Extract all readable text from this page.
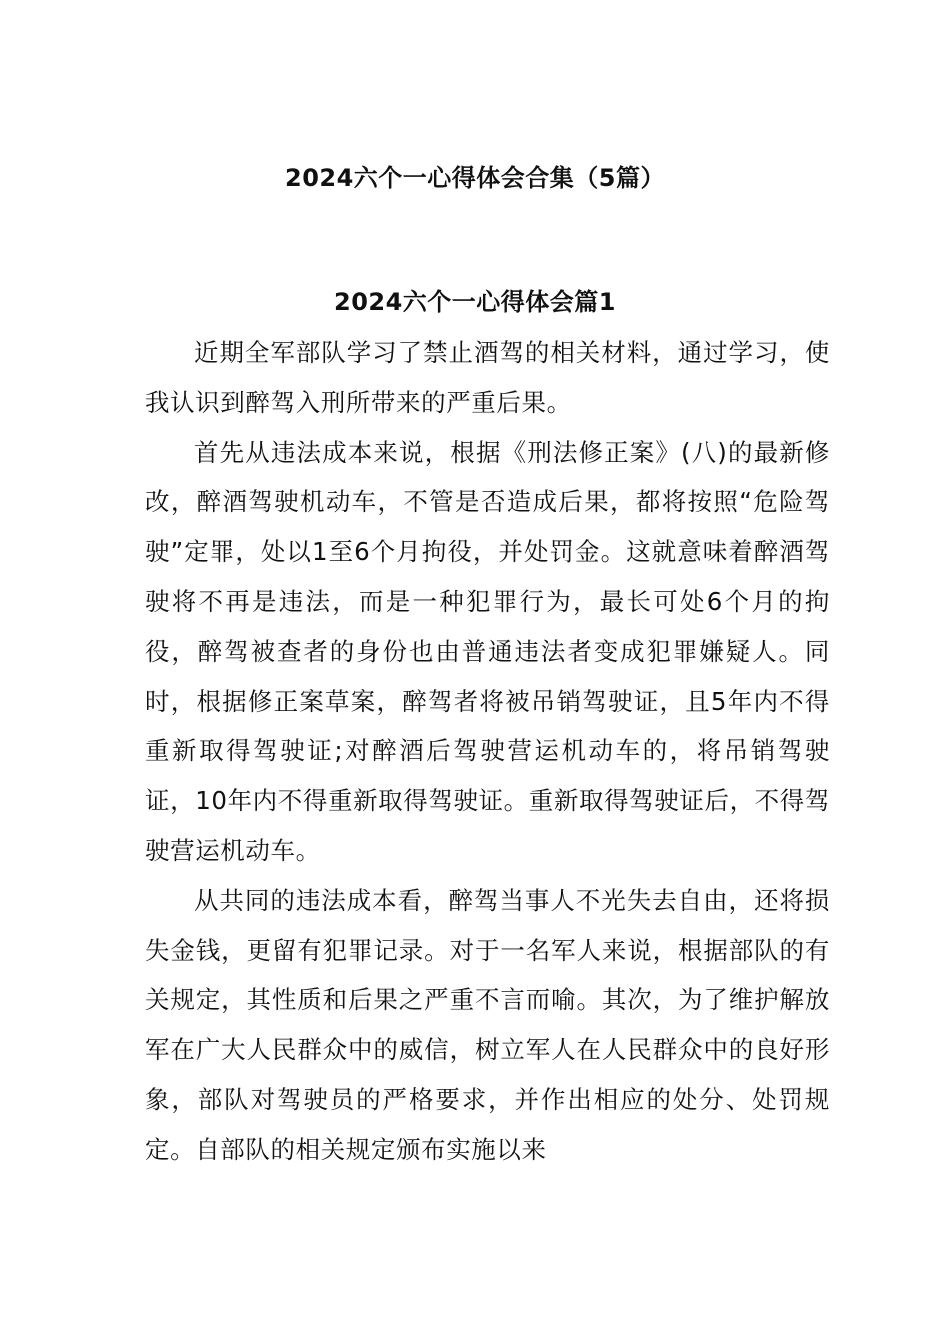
2024六个一心得体会合集（5篇）
2024六个一心得体会篇1

近期全军部队学习了禁止酒驾的相关材料，通过学习，使我认识到醉驾入刑所带来的严重后果。

首先从违法成本来说，根据《刑法修正案》(八)的最新修改，醉酒驾驶机动车，不管是否造成后果，都将按照“危险驾驶”定罪，处以1至6个月拘役，并处罚金。这就意味着醉酒驾驶将不再是违法，而是一种犯罪行为，最长可处6个月的拘役，醉驾被查者的身份也由普通违法者变成犯罪嫌疑人。同时，根据修正案草案，醉驾者将被吊销驾驶证，且5年内不得重新取得驾驶证;对醉酒后驾驶营运机动车的，将吊销驾驶证，10年内不得重新取得驾驶证。重新取得驾驶证后，不得驾驶营运机动车。

从共同的违法成本看，醉驾当事人不光失去自由，还将损失金钱，更留有犯罪记录。对于一名军人来说，根据部队的有关规定，其性质和后果之严重不言而喻。其次，为了维护解放军在广大人民群众中的威信，树立军人在人民群众中的良好形象，部队对驾驶员的严格要求，并作出相应的处分、处罚规定。自部队的相关规定颁布实施以来
